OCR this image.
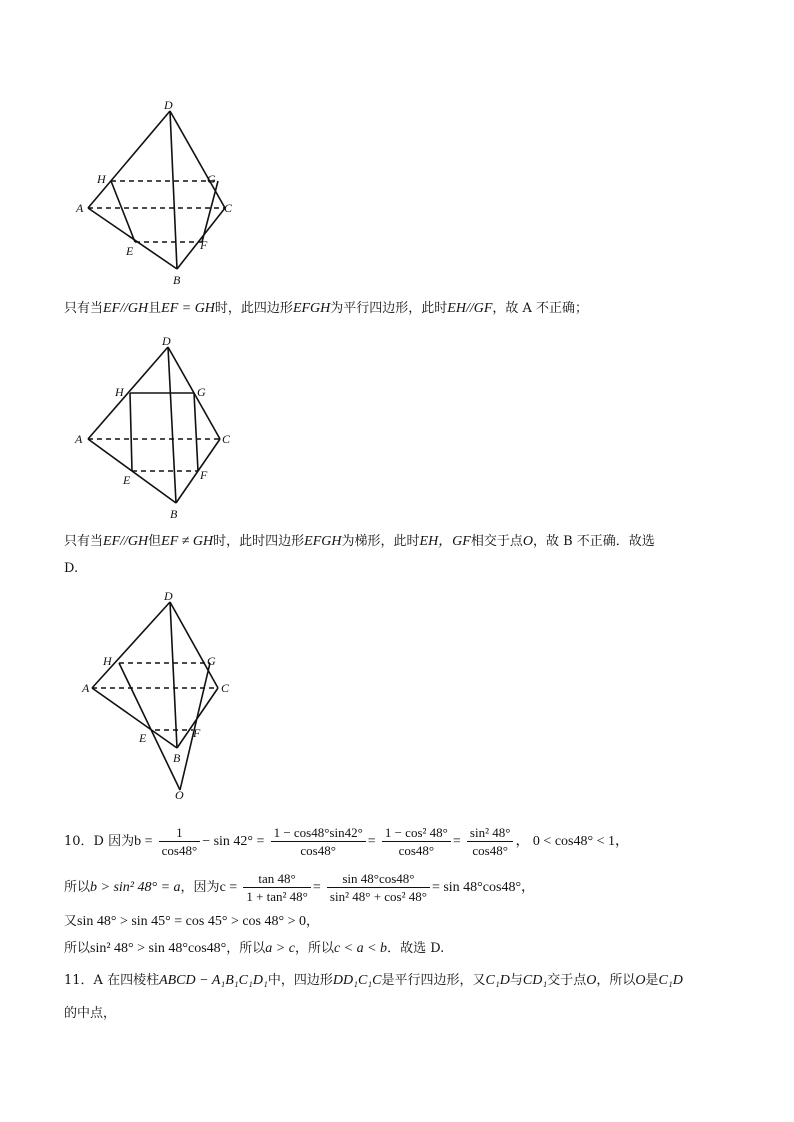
D
H	G
A	C
E	F
B
只有当EF//GH且EF = GH时，此四边形EFGH为平行四边形，此时EH//GF，故 A 不正确；
D
H	G
A	C
E	F
B
只有当EF//GH但EF ≠ GH时，此时四边形EFGH为梯形，此时EH，GF相交于点O，故 B 不正确．故选
D.
D
H	G
A	C
E	F
B
O
10．D 因为$b = \frac{1}{\cos 48^\circ} - \sin 42^\circ = \frac{1 - \cos 48^\circ\sin 42^\circ}{\cos 48^\circ} = \frac{\text{1 − cos² 48°}}{\cos 48^\circ} = \frac{\text{sin² 48°}}{\cos 48^\circ}$ ， 0 < cos48° < 1，
所以b > sin² 48° = a，因为$c = \frac{\tan 48^\circ}{\text{1 + tan² 48°}} = \frac{\sin 48^\circ\cos 48^\circ}{\text{sin² 48° + cos² 48°}} = \sin 48^\circ\cos 48^\circ$，
又sin 48° > sin 45° = cos 45° > cos 48° > 0，
所以sin² 48° > sin 48°cos48°，所以a > c，所以c < a < b．故选 D.
11．A 在四棱柱ABCD − A₁B₁C₁D₁中，四边形DD₁C₁C是平行四边形，又C₁D与CD₁交于点O，所以O是C₁D
的中点，
